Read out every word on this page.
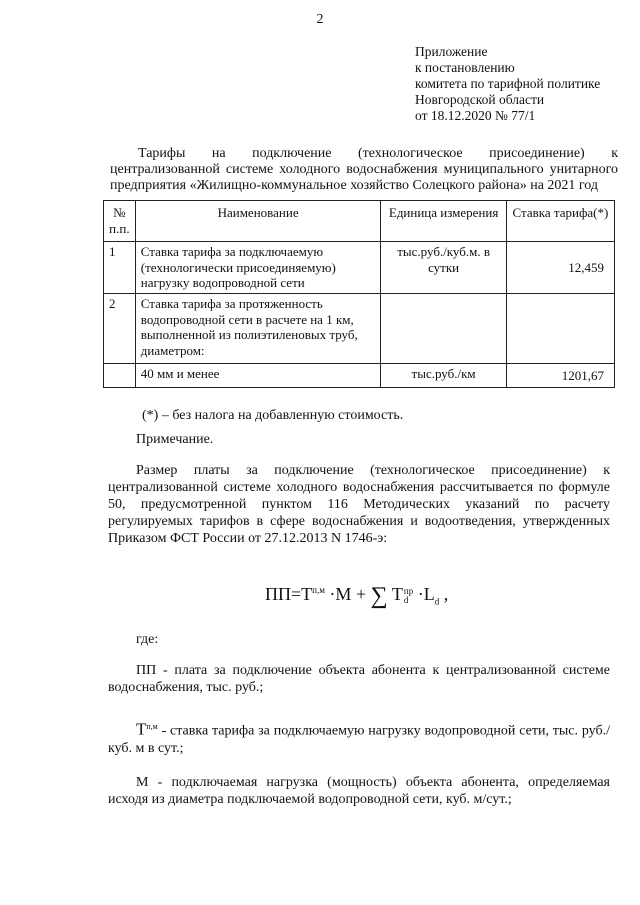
2
Приложение
к постановлению
комитета по тарифной политике
Новгородской области
от 18.12.2020 № 77/1
Тарифы на подключение (технологическое присоединение) к
централизованной системе холодного водоснабжения муниципального унитарного
предприятия «Жилищно-коммунальное хозяйство Солецкого района» на 2021 год
№
п.п.	Наименование	Единица измерения	Ставка тарифа(*)
1	Ставка тарифа за подключаемую (технологически присоединяемую) нагрузку водопроводной сети	тыс.руб./куб.м. в сутки	12,459
2	Ставка тарифа за протяженность водопроводной сети в расчете на 1 км, выполненной из полиэтиленовых труб, диаметром:		
	40 мм и менее	тыс.руб./км	1201,67
(*) – без налога на добавленную стоимость.
Примечание.
Размер платы за подключение (технологическое присоединение) к централизованной системе холодного водоснабжения рассчитывается по формуле 50, предусмотренной пунктом 116 Методических указаний по расчету регулируемых тарифов в сфере водоснабжения и водоотведения, утвержденных Приказом ФСТ России от 27.12.2013 N 1746-э:
$ПП=T^{п,м} \cdot M$ + ∑ T пр
$d \cdot L_d$ ,
где:
ПП - плата за подключение объекта абонента к централизованной системе водоснабжения, тыс. руб.;
$T^{п,м}$ - ставка тарифа за подключаемую нагрузку водопроводной сети, тыс. руб./куб. м в сут.;
М - подключаемая нагрузка (мощность) объекта абонента, определяемая исходя из диаметра подключаемой водопроводной сети, куб. м/сут.;
